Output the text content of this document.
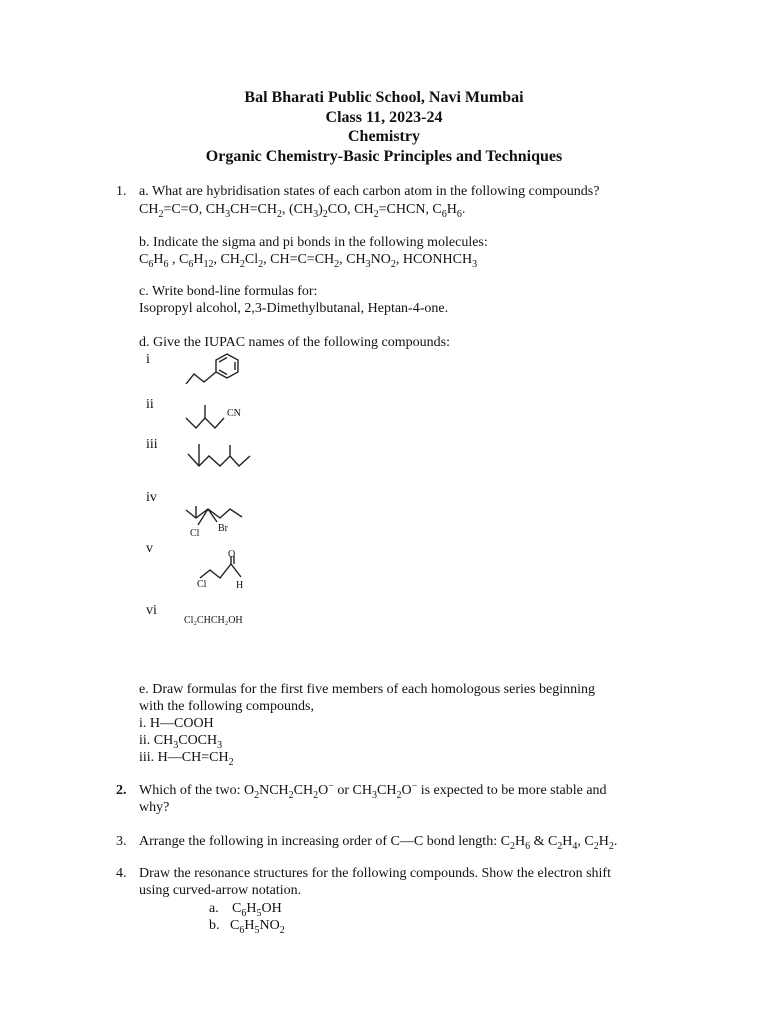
Bal Bharati Public School, Navi Mumbai
Class 11, 2023-24
Chemistry
Organic Chemistry-Basic Principles and Techniques
1. a. What are hybridisation states of each carbon atom in the following compounds?
$CH_2=C=O$, $CH_3CH=CH_2$, $(CH_3)_2CO$, $CH_2=CHCN$, $C_6H_6$.
b. Indicate the sigma and pi bonds in the following molecules:
$C_6H_6$ , $C_6H_{12}$, $CH_2Cl_2$, $CH=C=CH_2$, $CH_3NO_2$, $HCONHCH_3$
c. Write bond-line formulas for:
Isopropyl alcohol, 2,3-Dimethylbutanal, Heptan-4-one.
d. Give the IUPAC names of the following compounds:
i
ii
iii
iv
v
vi
CN
Cl Br
O
Cl	H
Cl₂CHCH₂OH
e. Draw formulas for the first five members of each homologous series beginning
with the following compounds,
i. H—COOH
ii. $CH_3COCH_3$
iii. $H—CH=CH_2$
2. Which of the two: $O_2NCH_2CH_2O^-$ or $CH_3CH_2O^-$ is expected to be more stable and
why?
3. Arrange the following in increasing order of C—C bond length: $C_2H_6$ & $C_2H_4$, $C_2H_2$.
4. Draw the resonance structures for the following compounds. Show the electron shift
using curved-arrow notation.
a. $C_6H_5OH$
b.   $C_6H_5NO_2$
